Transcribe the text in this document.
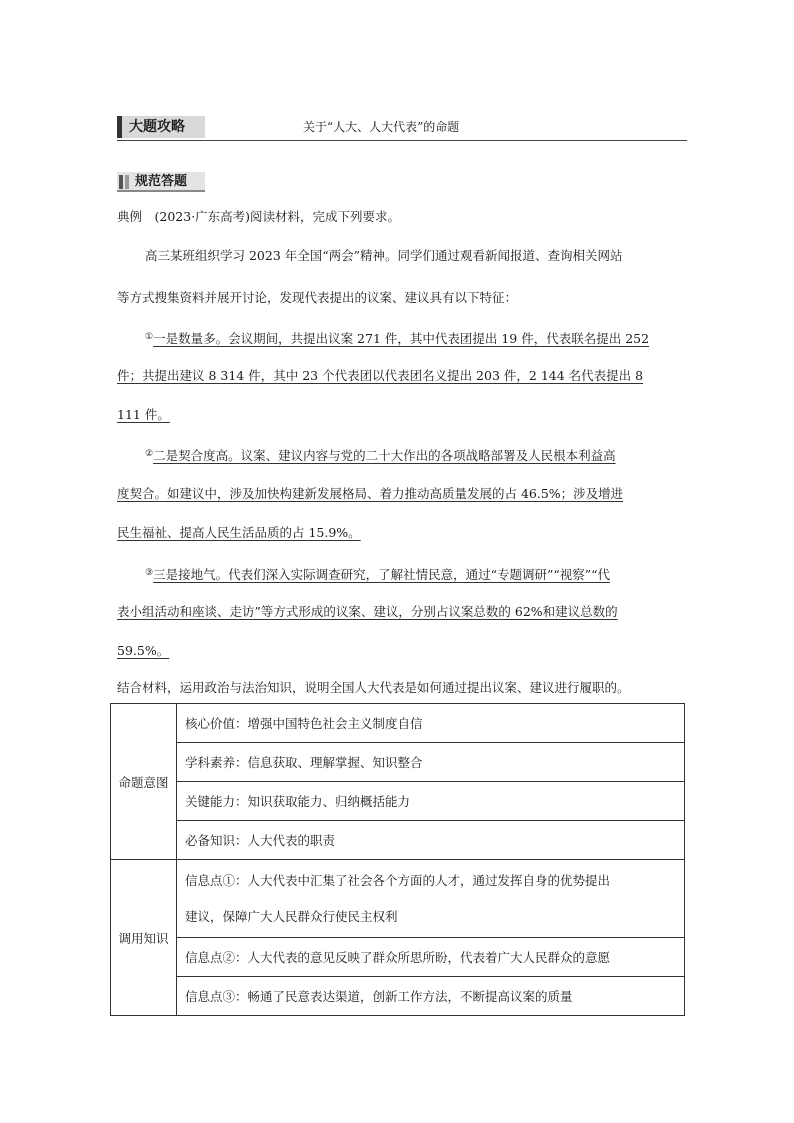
大题攻略	关于“人大、人大代表”的命题
规范答题
典例　(2023·广东高考)阅读材料，完成下列要求。
高三某班组织学习 2023 年全国“两会”精神。同学们通过观看新闻报道、查询相关网站
等方式搜集资料并展开讨论，发现代表提出的议案、建议具有以下特征：
①一是数量多。会议期间，共提出议案 271 件，其中代表团提出 19 件，代表联名提出 252
件；共提出建议 8 314 件，其中 23 个代表团以代表团名义提出 203 件，2 144 名代表提出 8
111 件。
②二是契合度高。议案、建议内容与党的二十大作出的各项战略部署及人民根本利益高
度契合。如建议中，涉及加快构建新发展格局、着力推动高质量发展的占 46.5%；涉及增进
民生福祉、提高人民生活品质的占 15.9%。
③三是接地气。代表们深入实际调查研究，了解社情民意，通过“专题调研”“视察”“代
表小组活动和座谈、走访”等方式形成的议案、建议，分别占议案总数的 62%和建议总数的
59.5%。
结合材料，运用政治与法治知识，说明全国人大代表是如何通过提出议案、建议进行履职的。
命题意图	核心价值：增强中国特色社会主义制度自信
	学科素养：信息获取、理解掌握、知识整合
	关键能力：知识获取能力、归纳概括能力
	必备知识：人大代表的职责
调用知识	信息点①：人大代表中汇集了社会各个方面的人才，通过发挥自身的优势提出
建议，保障广大人民群众行使民主权利

	信息点②：人大代表的意见反映了群众所思所盼，代表着广大人民群众的意愿
	信息点③：畅通了民意表达渠道，创新工作方法，不断提高议案的质量
